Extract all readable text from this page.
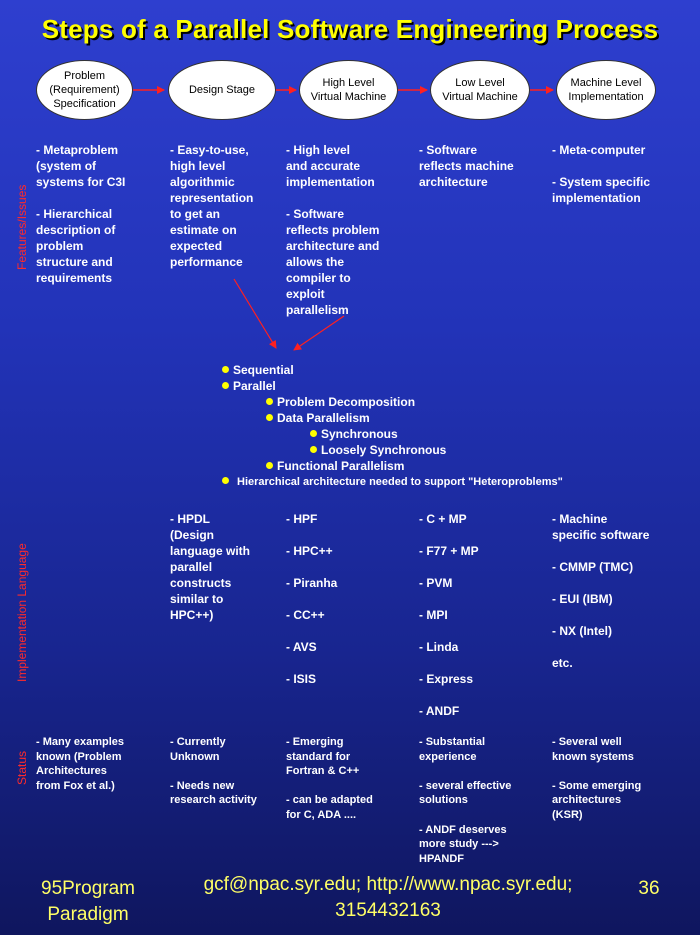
Steps of a Parallel Software Engineering Process
Problem
(Requirement)
Specification
Design Stage
High Level
Virtual Machine
Low Level
Virtual Machine
Machine Level
Implementation
Features/Issues
Implementation Language
Status
- Metaproblem
(system of
systems for C3I

- Hierarchical
description of
problem
structure and
requirements
- Easy-to-use,
high level
algorithmic
representation
to get an
estimate on
expected
performance
- High level
and accurate
implementation

- Software
reflects problem
architecture and
allows the
compiler to
exploit
parallelism
- Software
reflects machine
architecture
- Meta-computer

- System specific
implementation
Sequential
Parallel
Problem Decomposition
Data Parallelism
Synchronous
Loosely Synchronous
Functional Parallelism
Hierarchical architecture needed to support "Heteroproblems"
- HPDL
(Design
language with
parallel
constructs
similar to
HPC++)
- HPF

- HPC++

- Piranha

- CC++

- AVS

- ISIS
- C + MP

- F77 + MP

- PVM

- MPI

- Linda

- Express

- ANDF
- Machine
specific software

- CMMP (TMC)

- EUI (IBM)

- NX (Intel)

etc.
- Many examples
known (Problem
Architectures
from Fox et al.)
- Currently
Unknown

- Needs new
research activity
- Emerging
standard for
Fortran & C++

- can be adapted
for C, ADA ....
- Substantial
experience

- several effective
solutions

- ANDF deserves
more study --->
HPANDF
- Several well
known systems

- Some emerging
architectures
(KSR)
95Program
Paradigm
gcf@npac.syr.edu; http://www.npac.syr.edu;
3154432163
36
